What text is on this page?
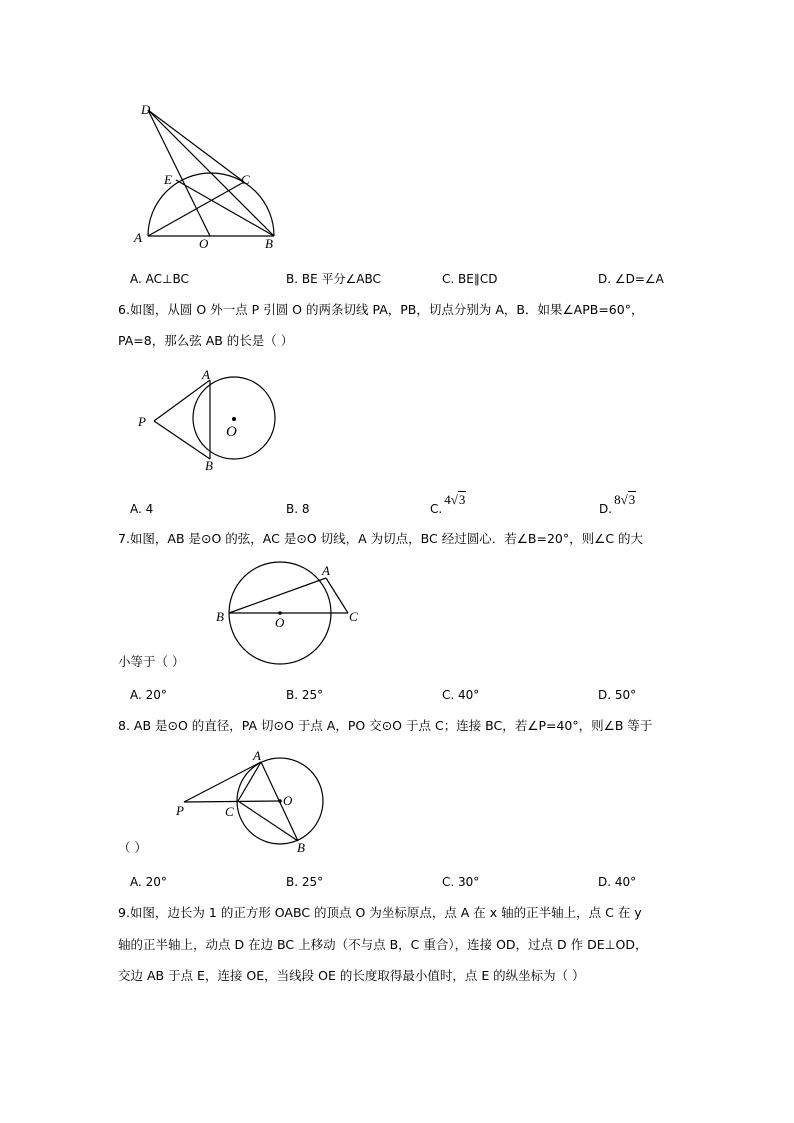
D
E	C
A	O	B
A. AC⊥BC	B. BE 平分∠ABC	C. BE∥CD	D. ∠D=∠A
6.如图，从圆 O 外一点 P 引圆 O 的两条切线 PA，PB，切点分别为 A，B．如果∠APB=60°，
PA=8，那么弦 AB 的长是（ ）
A
P
O
B
A. 4	B. 8	C.4√3
D.8√3
7.如图，AB 是⊙O 的弦，AC 是⊙O 切线，A 为切点，BC 经过圆心．若∠B=20°，则∠C 的大
A
B	O	C
小等于（ ）
A. 20°	B. 25°	C. 40°	D. 50°
8. AB 是⊙O 的直径，PA 切⊙O 于点 A，PO 交⊙O 于点 C；连接 BC，若∠P=40°，则∠B 等于
A
O
P	C
B
（ ）
A. 20°	B. 25°	C. 30°	D. 40°
9.如图，边长为 1 的正方形 OABC 的顶点 O 为坐标原点，点 A 在 x 轴的正半轴上，点 C 在 y
轴的正半轴上，动点 D 在边 BC 上移动（不与点 B，C 重合），连接 OD，过点 D 作 DE⊥OD，
交边 AB 于点 E，连接 OE，当线段 OE 的长度取得最小值时，点 E 的纵坐标为（ ）
